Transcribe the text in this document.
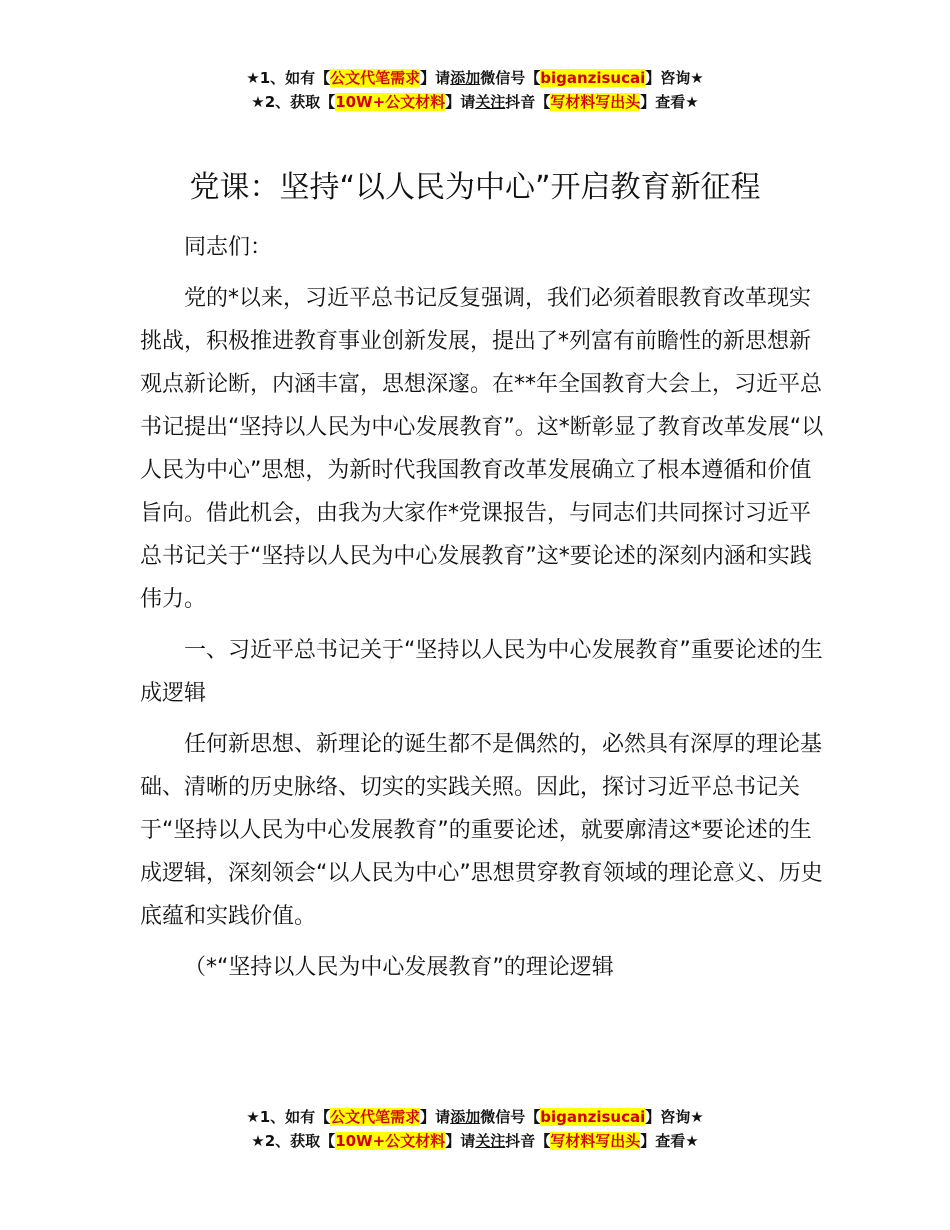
★1、如有【公文代笔需求】请添加微信号【biganzisucai】咨询★
★2、获取【10W+公文材料】请关注抖音【写材料写出头】查看★
党课：坚持“以人民为中心”开启教育新征程

同志们：

党的*以来，习近平总书记反复强调，我们必须着眼教育改革现实挑战，积极推进教育事业创新发展，提出了*列富有前瞻性的新思想新观点新论断，内涵丰富，思想深邃。在**年全国教育大会上，习近平总书记提出“坚持以人民为中心发展教育”。这*断彰显了教育改革发展“以人民为中心”思想，为新时代我国教育改革发展确立了根本遵循和价值旨向。借此机会，由我为大家作*党课报告，与同志们共同探讨习近平总书记关于“坚持以人民为中心发展教育”这*要论述的深刻内涵和实践伟力。

一、习近平总书记关于“坚持以人民为中心发展教育”重要论述的生成逻辑

任何新思想、新理论的诞生都不是偶然的，必然具有深厚的理论基础、清晰的历史脉络、切实的实践关照。因此，探讨习近平总书记关于“坚持以人民为中心发展教育”的重要论述，就要廓清这*要论述的生成逻辑，深刻领会“以人民为中心”思想贯穿教育领域的理论意义、历史底蕴和实践价值。

（*“坚持以人民为中心发展教育”的理论逻辑

★1、如有【公文代笔需求】请添加微信号【biganzisucai】咨询★
★2、获取【10W+公文材料】请关注抖音【写材料写出头】查看★
